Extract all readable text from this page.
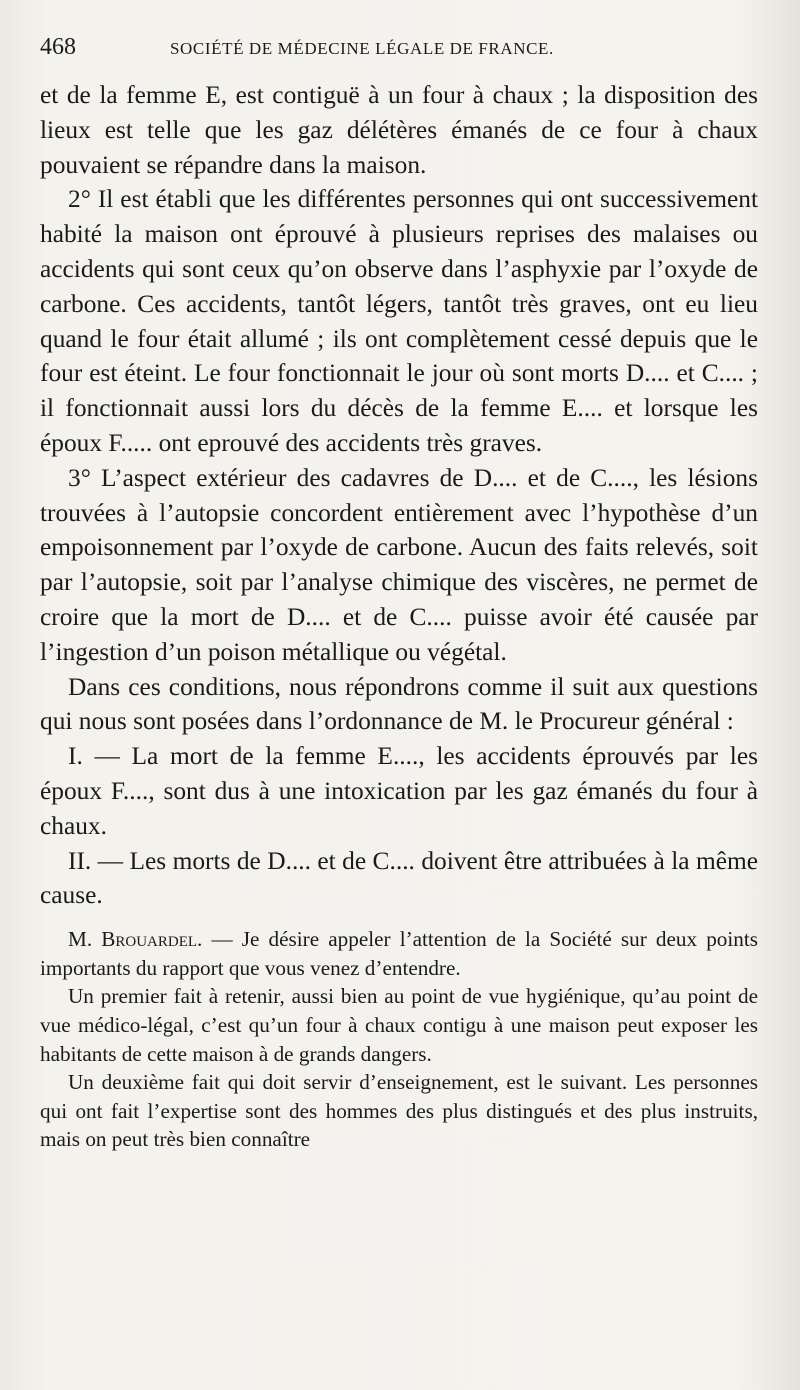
468	SOCIÉTÉ DE MÉDECINE LÉGALE DE FRANCE.

et de la femme E, est contiguë à un four à chaux ; la disposition des lieux est telle que les gaz délétères émanés de ce four à chaux pouvaient se répandre dans la maison.

2° Il est établi que les différentes personnes qui ont successivement habité la maison ont éprouvé à plusieurs reprises des malaises ou accidents qui sont ceux qu’on observe dans l’asphyxie par l’oxyde de carbone. Ces accidents, tantôt légers, tantôt très graves, ont eu lieu quand le four était allumé ; ils ont complètement cessé depuis que le four est éteint. Le four fonctionnait le jour où sont morts D.... et C.... ; il fonctionnait aussi lors du décès de la femme E.... et lorsque les époux F..... ont eprouvé des accidents très graves.

3° L’aspect extérieur des cadavres de D.... et de C...., les lésions trouvées à l’autopsie concordent entièrement avec l’hypothèse d’un empoisonnement par l’oxyde de carbone. Aucun des faits relevés, soit par l’autopsie, soit par l’analyse chimique des viscères, ne permet de croire que la mort de D.... et de C.... puisse avoir été causée par l’ingestion d’un poison métallique ou végétal.

Dans ces conditions, nous répondrons comme il suit aux questions qui nous sont posées dans l’ordonnance de M. le Procureur général :

I. — La mort de la femme E...., les accidents éprouvés par les époux F...., sont dus à une intoxication par les gaz émanés du four à chaux.

II. — Les morts de D.... et de C.... doivent être attribuées à la même cause.

M. Brouardel. — Je désire appeler l’attention de la Société sur deux points importants du rapport que vous venez d’entendre.

Un premier fait à retenir, aussi bien au point de vue hygiénique, qu’au point de vue médico-légal, c’est qu’un four à chaux contigu à une maison peut exposer les habitants de cette maison à de grands dangers.

Un deuxième fait qui doit servir d’enseignement, est le suivant. Les personnes qui ont fait l’expertise sont des hommes des plus distingués et des plus instruits, mais on peut très bien connaître
